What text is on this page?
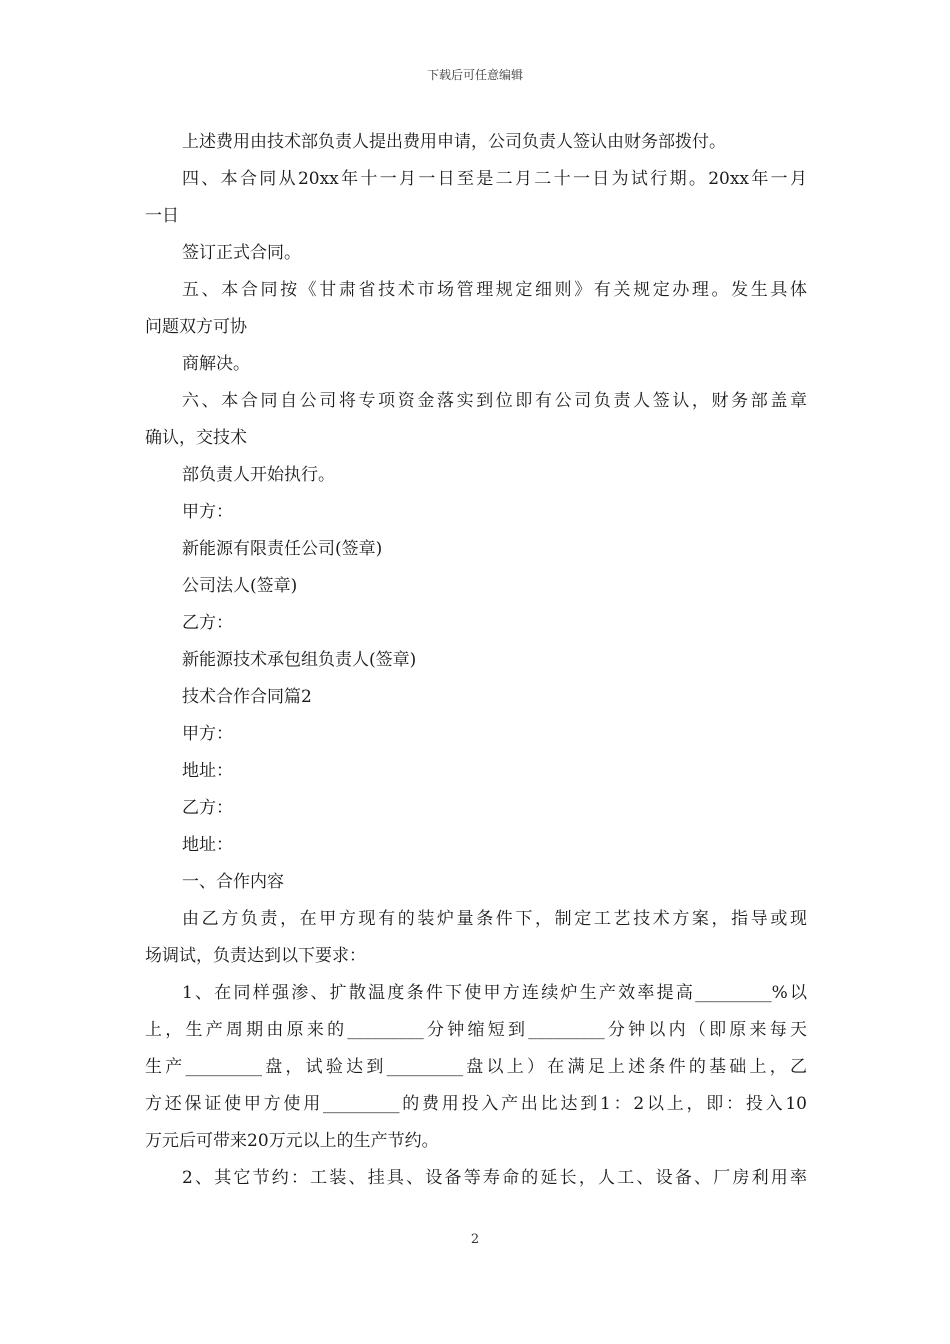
下载后可任意编辑

上述费用由技术部负责人提出费用申请，公司负责人签认由财务部拨付。

四、本合同从20xx年十一月一日至是二月二十一日为试行期。20xx年一月

一日

签订正式合同。

五、本合同按《甘肃省技术市场管理规定细则》有关规定办理。发生具体

问题双方可协

商解决。

六、本合同自公司将专项资金落实到位即有公司负责人签认，财务部盖章

确认，交技术

部负责人开始执行。

甲方：

新能源有限责任公司(签章)

公司法人(签章)

乙方：

新能源技术承包组负责人(签章)

技术合作合同篇2

甲方：

地址：

乙方：

地址：

一、合作内容

由乙方负责，在甲方现有的装炉量条件下，制定工艺技术方案，指导或现

场调试，负责达到以下要求：

1、在同样强渗、扩散温度条件下使甲方连续炉生产效率提高_________%以

上，生产周期由原来的_________分钟缩短到_________分钟以内（即原来每天

生产_________盘，试验达到_________盘以上）在满足上述条件的基础上，乙

方还保证使甲方使用_________的费用投入产出比达到1：2以上，即：投入10

万元后可带来20万元以上的生产节约。

2、其它节约：工装、挂具、设备等寿命的延长，人工、设备、厂房利用率

2
